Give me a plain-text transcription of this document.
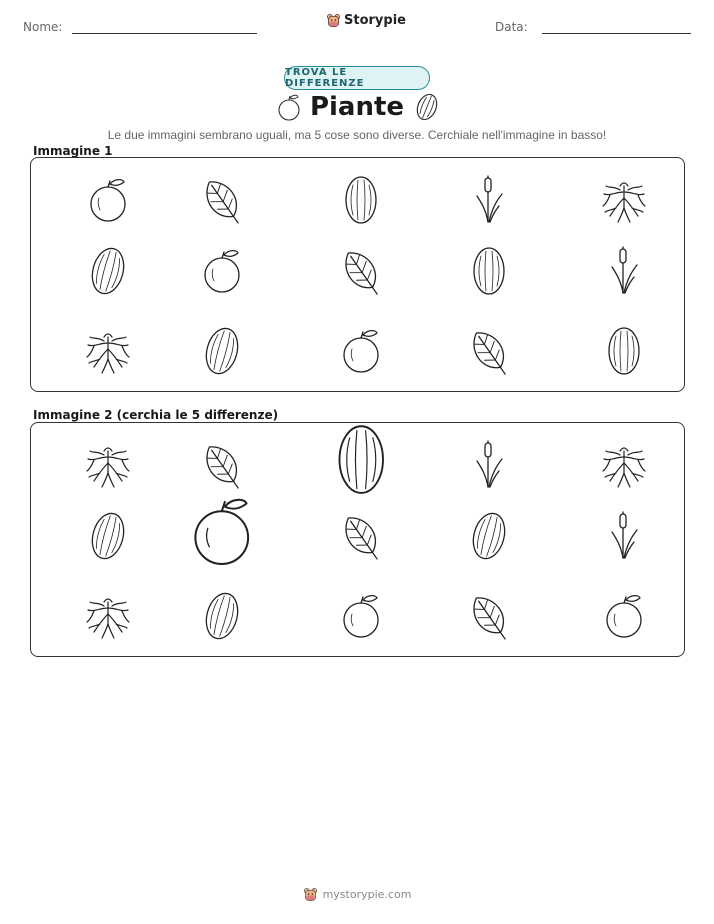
Nome:	Storypie	Data:
TROVA LE DIFFERENZE
Piante
Le due immagini sembrano uguali, ma 5 cose sono diverse. Cerchiale nell'immagine in basso!
Immagine 1
Immagine 2 (cerchia le 5 differenze)
mystorypie.com
